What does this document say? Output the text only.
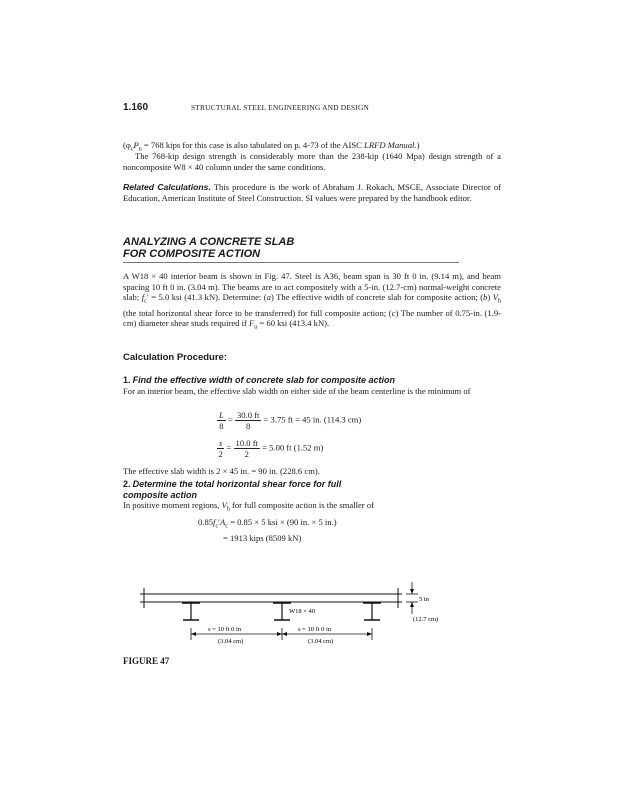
1.160	STRUCTURAL STEEL ENGINEERING AND DESIGN
($\varphi_cP_n = 768$ kips for this case is also tabulated on p. 4-73 of the AISC LRFD Manual.)
The 768-kip design strength is considerably more than the 238-kip (1640 Mpa) design strength of a noncomposite W8 × 40 column under the same conditions.
Related Calculations. This procedure is the work of Abraham J. Rokach, MSCE, Associate Director of Education, American Institute of Steel Construction. SI values were prepared by the handbook editor.
ANALYZING A CONCRETE SLAB
FOR COMPOSITE ACTION
A W18 × 40 interior beam is shown in Fig. 47. Steel is A36, beam span is 30 ft 0 in. (9.14 m), and beam spacing 10 ft 0 in. (3.04 m). The beams are to act compositely with a 5-in. (12.7-cm) normal-weight concrete slab; $f_c' = 5.0$ ksi (41.3 kN). Determine: (a) The effective width of concrete slab for composite action; (b) $V_h$ (the total horizontal shear force to be transferred) for full composite action; (c) The number of 0.75-in. (1.9-cm) diameter shear studs required if $F_u = 60$ ksi (413.4 kN).
Calculation Procedure:
1. Find the effective width of concrete slab for composite action
For an interior beam, the effective slab width on either side of the beam centerline is the minimum of
$\frac{L}{8} = \frac{30.0 ft}{8} = 3.75$ ft = 45 in. (114.3 cm)
$\frac{s}{2} = \frac{10.0 ft}{2} = 5.00$ ft (1.52 m)
The effective slab width is 2 × 45 in. = 90 in. (228.6 cm).
2. Determine the total horizontal shear force for full
composite action
In positive moment regions, $V_h$ for full composite action is the smaller of
$0.85f_c'A_c = 0.85 \times 5$ ksi × (90 in. × 5 in.)
= 1913 kips (8509 kN)
W18 × 40
5 in
(12.7 cm)
s = 10 ft 0 in
(3.04 cm)
s = 10 ft 0 in
(3.04 cm)
FIGURE 47
